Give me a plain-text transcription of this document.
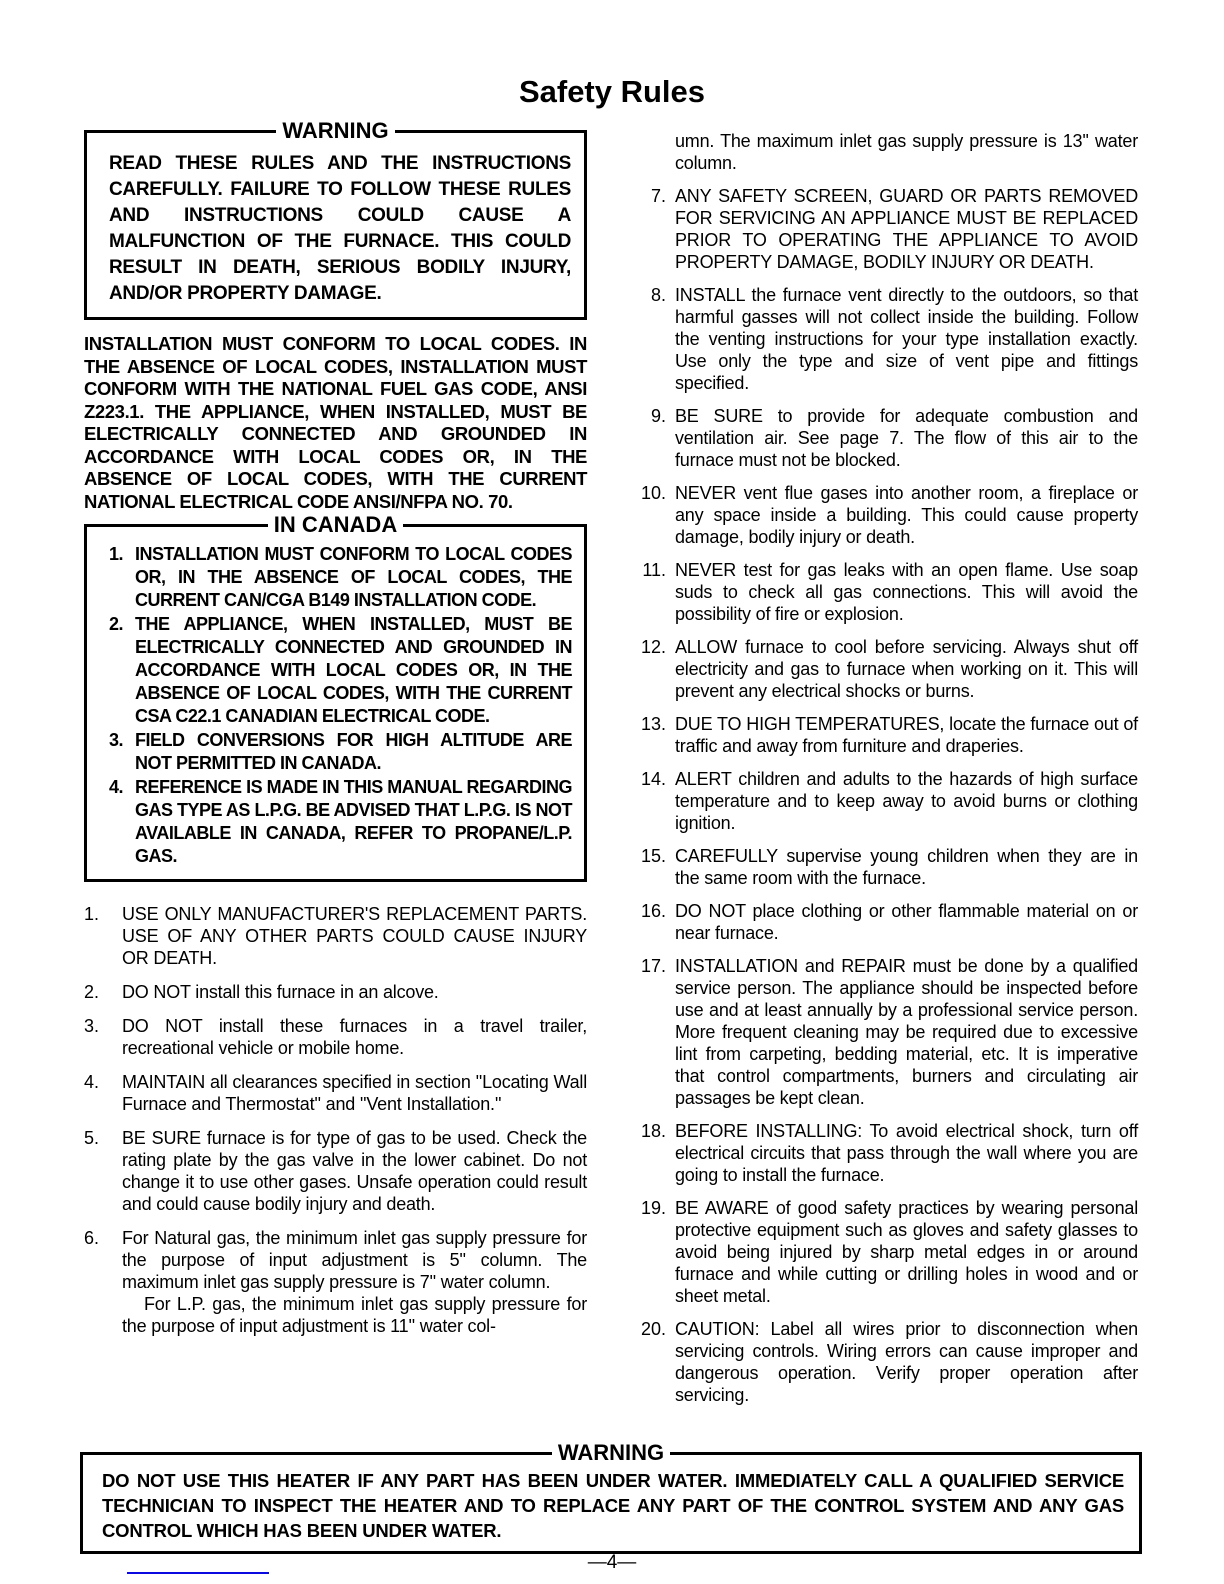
Safety Rules
WARNING

READ THESE RULES AND THE INSTRUCTIONS CAREFULLY. FAILURE TO FOLLOW THESE RULES AND INSTRUCTIONS COULD CAUSE A MALFUNCTION OF THE FURNACE. THIS COULD RESULT IN DEATH, SERIOUS BODILY INJURY, AND/OR PROPERTY DAMAGE.

INSTALLATION MUST CONFORM TO LOCAL CODES. IN THE ABSENCE OF LOCAL CODES, INSTALLATION MUST CONFORM WITH THE NATIONAL FUEL GAS CODE, ANSI Z223.1. THE APPLIANCE, WHEN INSTALLED, MUST BE ELECTRICALLY CONNECTED AND GROUNDED IN ACCORDANCE WITH LOCAL CODES OR, IN THE ABSENCE OF LOCAL CODES, WITH THE CURRENT NATIONAL ELECTRICAL CODE ANSI/NFPA NO. 70.

IN CANADA
1. INSTALLATION MUST CONFORM TO LOCAL CODES OR, IN THE ABSENCE OF LOCAL CODES, THE CURRENT CAN/CGA B149 INSTALLATION CODE.
2. THE APPLIANCE, WHEN INSTALLED, MUST BE ELECTRICALLY CONNECTED AND GROUNDED IN ACCORDANCE WITH LOCAL CODES OR, IN THE ABSENCE OF LOCAL CODES, WITH THE CURRENT CSA C22.1 CANADIAN ELECTRICAL CODE.
3. FIELD CONVERSIONS FOR HIGH ALTITUDE ARE NOT PERMITTED IN CANADA.
4. REFERENCE IS MADE IN THIS MANUAL REGARDING GAS TYPE AS L.P.G. BE ADVISED THAT L.P.G. IS NOT AVAILABLE IN CANADA, REFER TO PROPANE/L.P. GAS.
1.	USE ONLY MANUFACTURER'S REPLACEMENT PARTS. USE OF ANY OTHER PARTS COULD CAUSE INJURY OR DEATH.
2.	DO NOT install this furnace in an alcove.
3.	DO NOT install these furnaces in a travel trailer, recreational vehicle or mobile home.
4.	MAINTAIN all clearances specified in section ''Locating Wall Furnace and Thermostat'' and ''Vent Installation.''
5.	BE SURE furnace is for type of gas to be used. Check the rating plate by the gas valve in the lower cabinet. Do not change it to use other gases. Unsafe operation could result and could cause bodily injury and death.
6.	For Natural gas, the minimum inlet gas supply pressure for the purpose of input adjustment is 5'' column. The maximum inlet gas supply pressure is 7'' water column.
For L.P. gas, the minimum inlet gas supply pressure for the purpose of input adjustment is 11'' water col-
umn. The maximum inlet gas supply pressure is 13'' water column.
7. ANY SAFETY SCREEN, GUARD OR PARTS REMOVED FOR SERVICING AN APPLIANCE MUST BE REPLACED PRIOR TO OPERATING THE APPLIANCE TO AVOID PROPERTY DAMAGE, BODILY INJURY OR DEATH.
8. INSTALL the furnace vent directly to the outdoors, so that harmful gasses will not collect inside the building. Follow the venting instructions for your type installation exactly. Use only the type and size of vent pipe and fittings specified.
9. BE SURE to provide for adequate combustion and ventilation air. See page 7. The flow of this air to the furnace must not be blocked.
10. NEVER vent flue gases into another room, a fireplace or any space inside a building. This could cause property damage, bodily injury or death.
11. NEVER test for gas leaks with an open flame. Use soap suds to check all gas connections. This will avoid the possibility of fire or explosion.
12. ALLOW furnace to cool before servicing. Always shut off electricity and gas to furnace when working on it. This will prevent any electrical shocks or burns.
13. DUE TO HIGH TEMPERATURES, locate the furnace out of traffic and away from furniture and draperies.
14. ALERT children and adults to the hazards of high surface temperature and to keep away to avoid burns or clothing ignition.
15. CAREFULLY supervise young children when they are in the same room with the furnace.
16. DO NOT place clothing or other flammable material on or near furnace.
17. INSTALLATION and REPAIR must be done by a qualified service person. The appliance should be inspected before use and at least annually by a professional service person. More frequent cleaning may be required due to excessive lint from carpeting, bedding material, etc. It is imperative that control compartments, burners and circulating air passages be kept clean.
18. BEFORE INSTALLING: To avoid electrical shock, turn off electrical circuits that pass through the wall where you are going to install the furnace.
19. BE AWARE of good safety practices by wearing personal protective equipment such as gloves and safety glasses to avoid being injured by sharp metal edges in or around furnace and while cutting or drilling holes in wood and or sheet metal.
20. CAUTION: Label all wires prior to disconnection when servicing controls. Wiring errors can cause improper and dangerous operation. Verify proper operation after servicing.
WARNING

DO NOT USE THIS HEATER IF ANY PART HAS BEEN UNDER WATER. IMMEDIATELY CALL A QUALIFIED SERVICE TECHNICIAN TO INSPECT THE HEATER AND TO REPLACE ANY PART OF THE CONTROL SYSTEM AND ANY GAS CONTROL WHICH HAS BEEN UNDER WATER.

—4—
